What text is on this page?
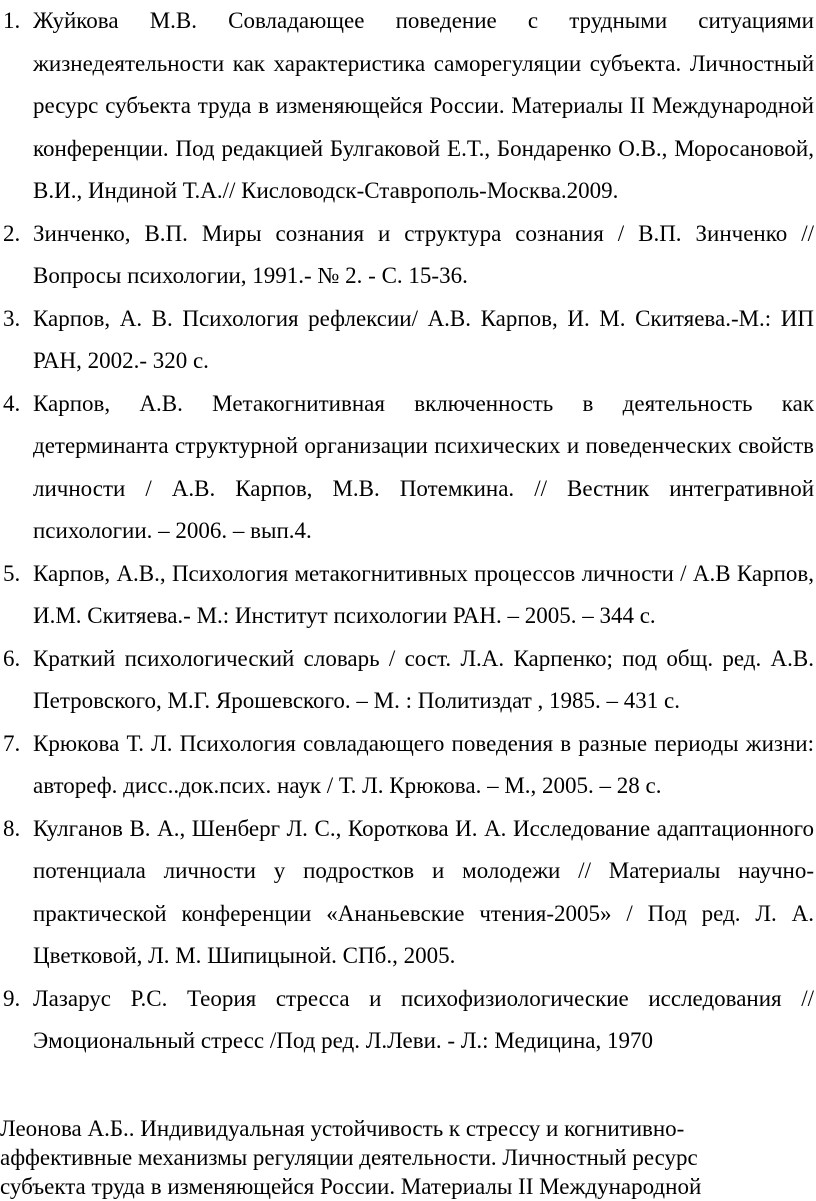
1. Жуйкова М.В. Совладающее поведение с трудными ситуациями жизнедеятельности как характеристика саморегуляции субъекта. Личностный ресурс субъекта труда в изменяющейся России. Материалы II Международной конференции. Под редакцией Булгаковой Е.Т., Бондаренко О.В., Моросановой, В.И., Индиной Т.А.// Кисловодск-Ставрополь-Москва.2009.
2. Зинченко, В.П. Миры сознания и структура сознания / В.П. Зинченко // Вопросы психологии, 1991.- № 2. - С. 15-36.
3. Карпов, А. В. Психология рефлексии/ А.В. Карпов, И. М. Скитяева.-М.: ИП РАН, 2002.- 320 с.
4. Карпов, А.В. Метакогнитивная включенность в деятельность как детерминанта структурной организации психических и поведенческих свойств личности / А.В. Карпов, М.В. Потемкина. // Вестник интегративной психологии. – 2006. – вып.4.
5. Карпов, А.В., Психология метакогнитивных процессов личности / А.В Карпов, И.М. Скитяева.- М.: Институт психологии РАН. – 2005. – 344 с.
6. Краткий психологический словарь / сост. Л.А. Карпенко; под общ. ред. А.В. Петровского, М.Г. Ярошевского. – М. : Политиздат , 1985. – 431 с.
7. Крюкова Т. Л. Психология совладающего поведения в разные периоды жизни: автореф. дисс..док.псих. наук / Т. Л. Крюкова. – М., 2005. – 28 с.
8. Кулганов В. А., Шенберг Л. С., Короткова И. А. Исследование адаптационного потенциала личности у подростков и молодежи // Материалы научно-практической конференции «Ананьевские чтения-2005» / Под ред. Л. А. Цветковой, Л. М. Шипицыной. СПб., 2005.
9. Лазарус Р.С. Теория стресса и психофизиологические исследования //Эмоциональный стресс /Под ред. Л.Леви. - Л.: Медицина, 1970

Леонова А.Б.. Индивидуальная устойчивость к стрессу и когнитивно-аффективные механизмы регуляции деятельности. Личностный ресурс субъекта труда в изменяющейся России. Материалы II Международной
